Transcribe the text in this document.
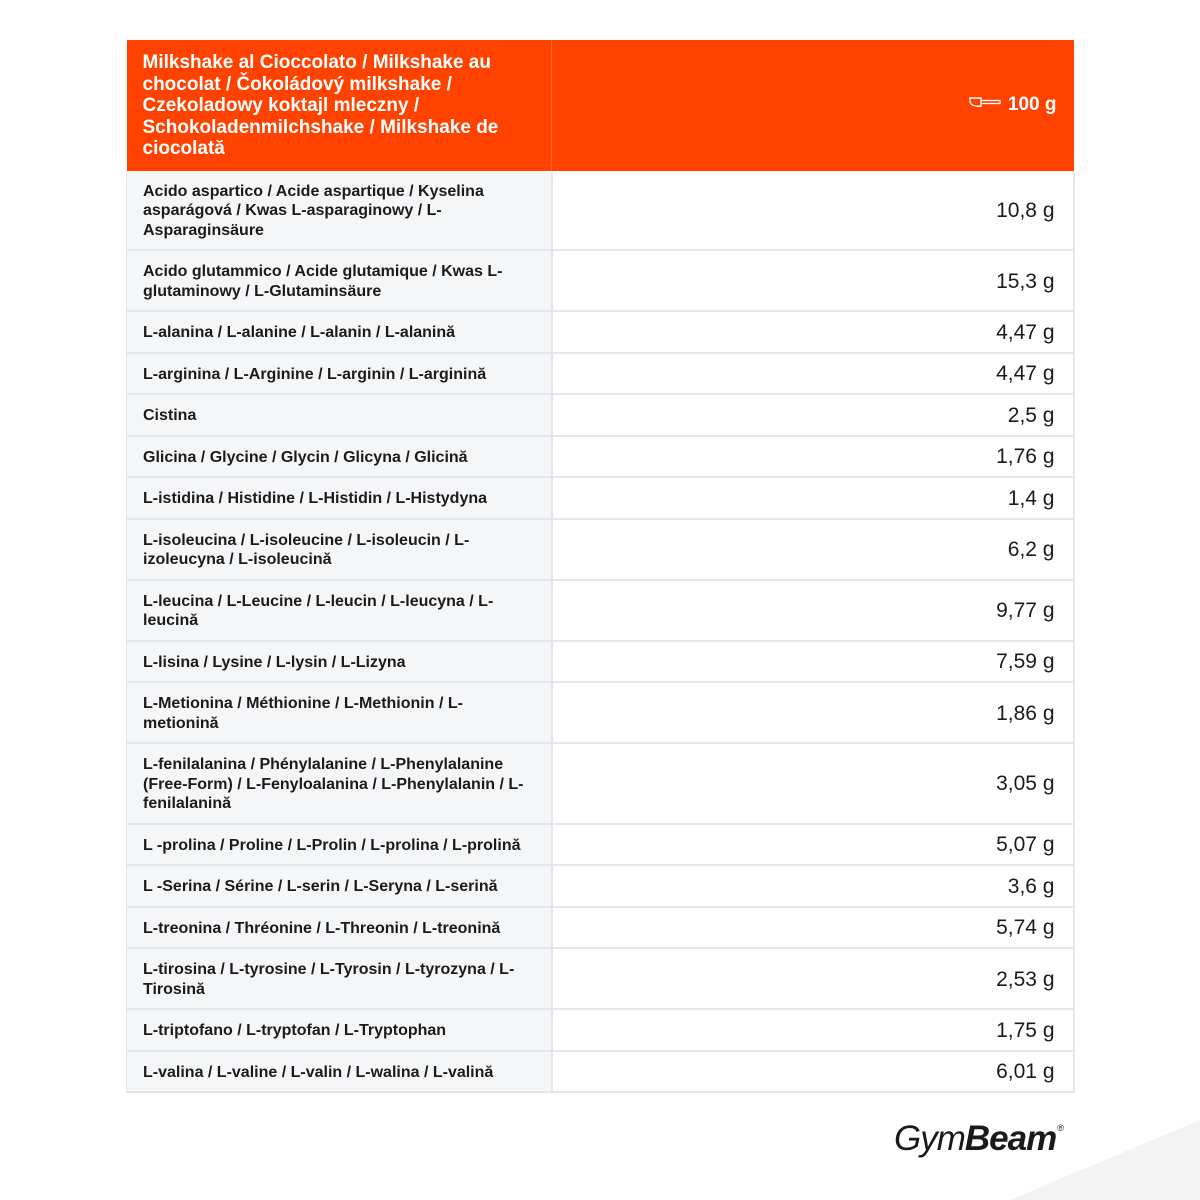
Milkshake al Cioccolato / Milkshake au chocolat / Čokoládový milkshake / Czekoladowy koktajl mleczny / Schokoladenmilchshake / Milkshake de ciocolată	100 g
Acido aspartico / Acide aspartique / Kyselina asparágová / Kwas L-asparaginowy / L-Asparaginsäure	10,8 g
Acido glutammico / Acide glutamique / Kwas L-glutaminowy / L-Glutaminsäure	15,3 g
L-alanina / L-alanine / L-alanin / L-alanină	4,47 g
L-arginina / L-Arginine / L-arginin / L-arginină	4,47 g
Cistina	2,5 g
Glicina / Glycine / Glycin / Glicyna / Glicină	1,76 g
L-istidina / Histidine / L-Histidin / L-Histydyna	1,4 g
L-isoleucina / L-isoleucine / L-isoleucin / L-izoleucyna / L-isoleucină	6,2 g
L-leucina / L-Leucine / L-leucin / L-leucyna / L-leucină	9,77 g
L-lisina / Lysine / L-lysin / L-Lizyna	7,59 g
L-Metionina / Méthionine / L-Methionin / L-metionină	1,86 g
L-fenilalanina / Phénylalanine / L-Phenylalanine (Free-Form) / L-Fenyloalanina / L-Phenylalanin / L-fenilalanină	3,05 g
L -prolina / Proline / L-Prolin / L-prolina / L-prolină	5,07 g
L -Serina / Sérine / L-serin / L-Seryna / L-serină	3,6 g
L-treonina / Thréonine / L-Threonin / L-treonină	5,74 g
L-tirosina / L-tyrosine / L-Tyrosin / L-tyrozyna / L-Tirosină	2,53 g
L-triptofano / L-tryptofan / L-Tryptophan	1,75 g
L-valina / L-valine / L-valin / L-walina / L-valină	6,01 g
GymBeam®
